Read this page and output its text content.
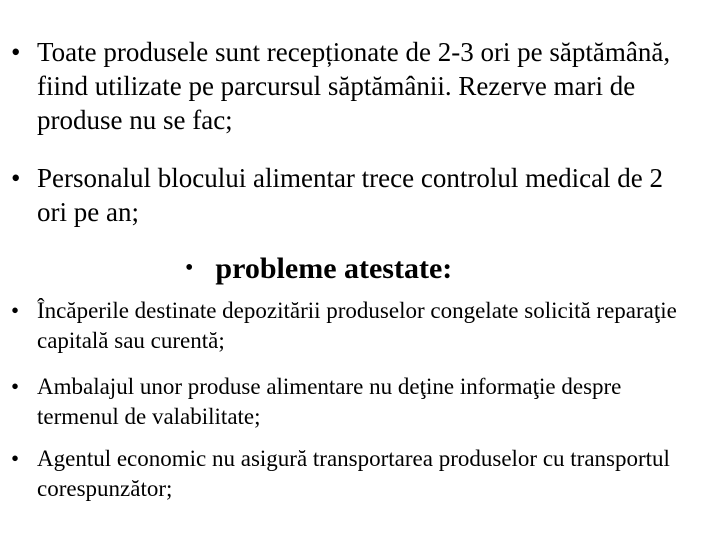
• Toate produsele sunt recepționate de 2-3 ori pe săptămână, fiind utilizate pe parcursul săptămânii. Rezerve mari de produse nu se fac;
• Personalul blocului alimentar trece controlul medical de 2 ori pe an;
• probleme atestate:
• Încăperile destinate depozitării produselor congelate solicită reparaţie capitală sau curentă;
• Ambalajul unor produse alimentare nu deţine informaţie despre termenul de valabilitate;
• Agentul economic nu asigură transportarea produselor cu transportul corespunzător;
